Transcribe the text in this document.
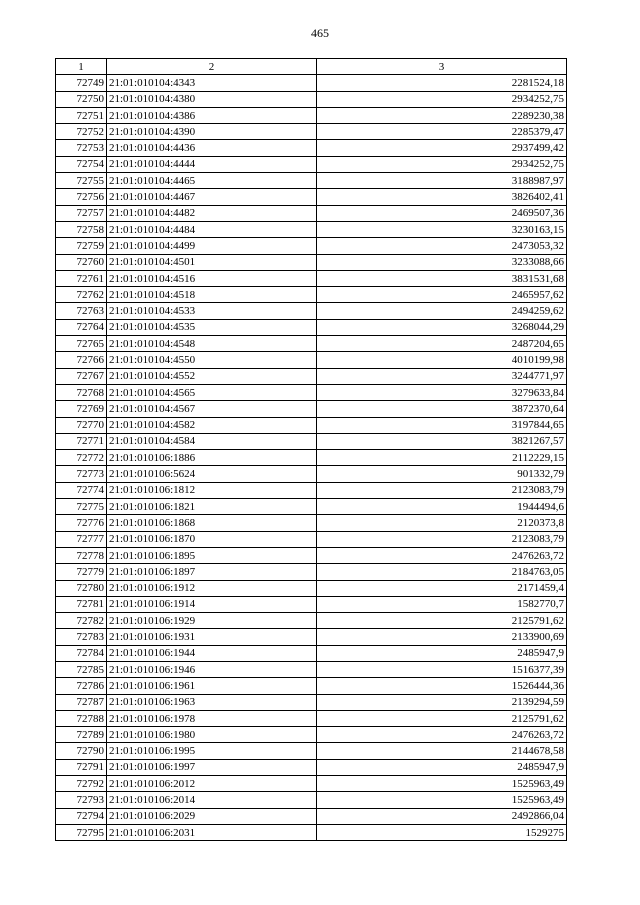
465
1	2	3
72749	21:01:010104:4343	2281524,18
72750	21:01:010104:4380	2934252,75
72751	21:01:010104:4386	2289230,38
72752	21:01:010104:4390	2285379,47
72753	21:01:010104:4436	2937499,42
72754	21:01:010104:4444	2934252,75
72755	21:01:010104:4465	3188987,97
72756	21:01:010104:4467	3826402,41
72757	21:01:010104:4482	2469507,36
72758	21:01:010104:4484	3230163,15
72759	21:01:010104:4499	2473053,32
72760	21:01:010104:4501	3233088,66
72761	21:01:010104:4516	3831531,68
72762	21:01:010104:4518	2465957,62
72763	21:01:010104:4533	2494259,62
72764	21:01:010104:4535	3268044,29
72765	21:01:010104:4548	2487204,65
72766	21:01:010104:4550	4010199,98
72767	21:01:010104:4552	3244771,97
72768	21:01:010104:4565	3279633,84
72769	21:01:010104:4567	3872370,64
72770	21:01:010104:4582	3197844,65
72771	21:01:010104:4584	3821267,57
72772	21:01:010106:1886	2112229,15
72773	21:01:010106:5624	901332,79
72774	21:01:010106:1812	2123083,79
72775	21:01:010106:1821	1944494,6
72776	21:01:010106:1868	2120373,8
72777	21:01:010106:1870	2123083,79
72778	21:01:010106:1895	2476263,72
72779	21:01:010106:1897	2184763,05
72780	21:01:010106:1912	2171459,4
72781	21:01:010106:1914	1582770,7
72782	21:01:010106:1929	2125791,62
72783	21:01:010106:1931	2133900,69
72784	21:01:010106:1944	2485947,9
72785	21:01:010106:1946	1516377,39
72786	21:01:010106:1961	1526444,36
72787	21:01:010106:1963	2139294,59
72788	21:01:010106:1978	2125791,62
72789	21:01:010106:1980	2476263,72
72790	21:01:010106:1995	2144678,58
72791	21:01:010106:1997	2485947,9
72792	21:01:010106:2012	1525963,49
72793	21:01:010106:2014	1525963,49
72794	21:01:010106:2029	2492866,04
72795	21:01:010106:2031	1529275
